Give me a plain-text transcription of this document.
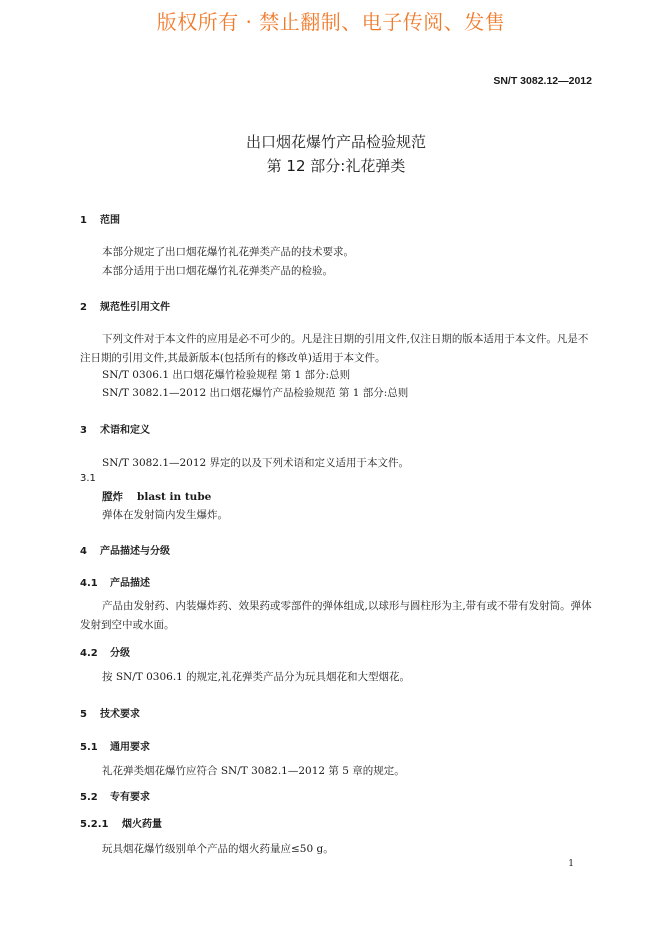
版权所有 · 禁止翻制、电子传阅、发售
SN/T 3082.12—2012
出口烟花爆竹产品检验规范
第 12 部分:礼花弹类
1 范围
本部分规定了出口烟花爆竹礼花弹类产品的技术要求。
本部分适用于出口烟花爆竹礼花弹类产品的检验。
2 规范性引用文件
下列文件对于本文件的应用是必不可少的。凡是注日期的引用文件,仅注日期的版本适用于本文件。凡是不注日期的引用文件,其最新版本(包括所有的修改单)适用于本文件。
SN/T 0306.1 出口烟花爆竹检验规程 第 1 部分:总则
SN/T 3082.1—2012 出口烟花爆竹产品检验规范 第 1 部分:总则
3 术语和定义
SN/T 3082.1—2012 界定的以及下列术语和定义适用于本文件。
3.1
膛炸 blast in tube
弹体在发射筒内发生爆炸。
4 产品描述与分级
4.1 产品描述
产品由发射药、内装爆炸药、效果药或零部件的弹体组成,以球形与圆柱形为主,带有或不带有发射筒。弹体发射到空中或水面。
4.2 分级
按 SN/T 0306.1 的规定,礼花弹类产品分为玩具烟花和大型烟花。
5 技术要求
5.1 通用要求
礼花弹类烟花爆竹应符合 SN/T 3082.1—2012 第 5 章的规定。
5.2 专有要求
5.2.1 烟火药量
玩具烟花爆竹级别单个产品的烟火药量应≤50 g。
1
